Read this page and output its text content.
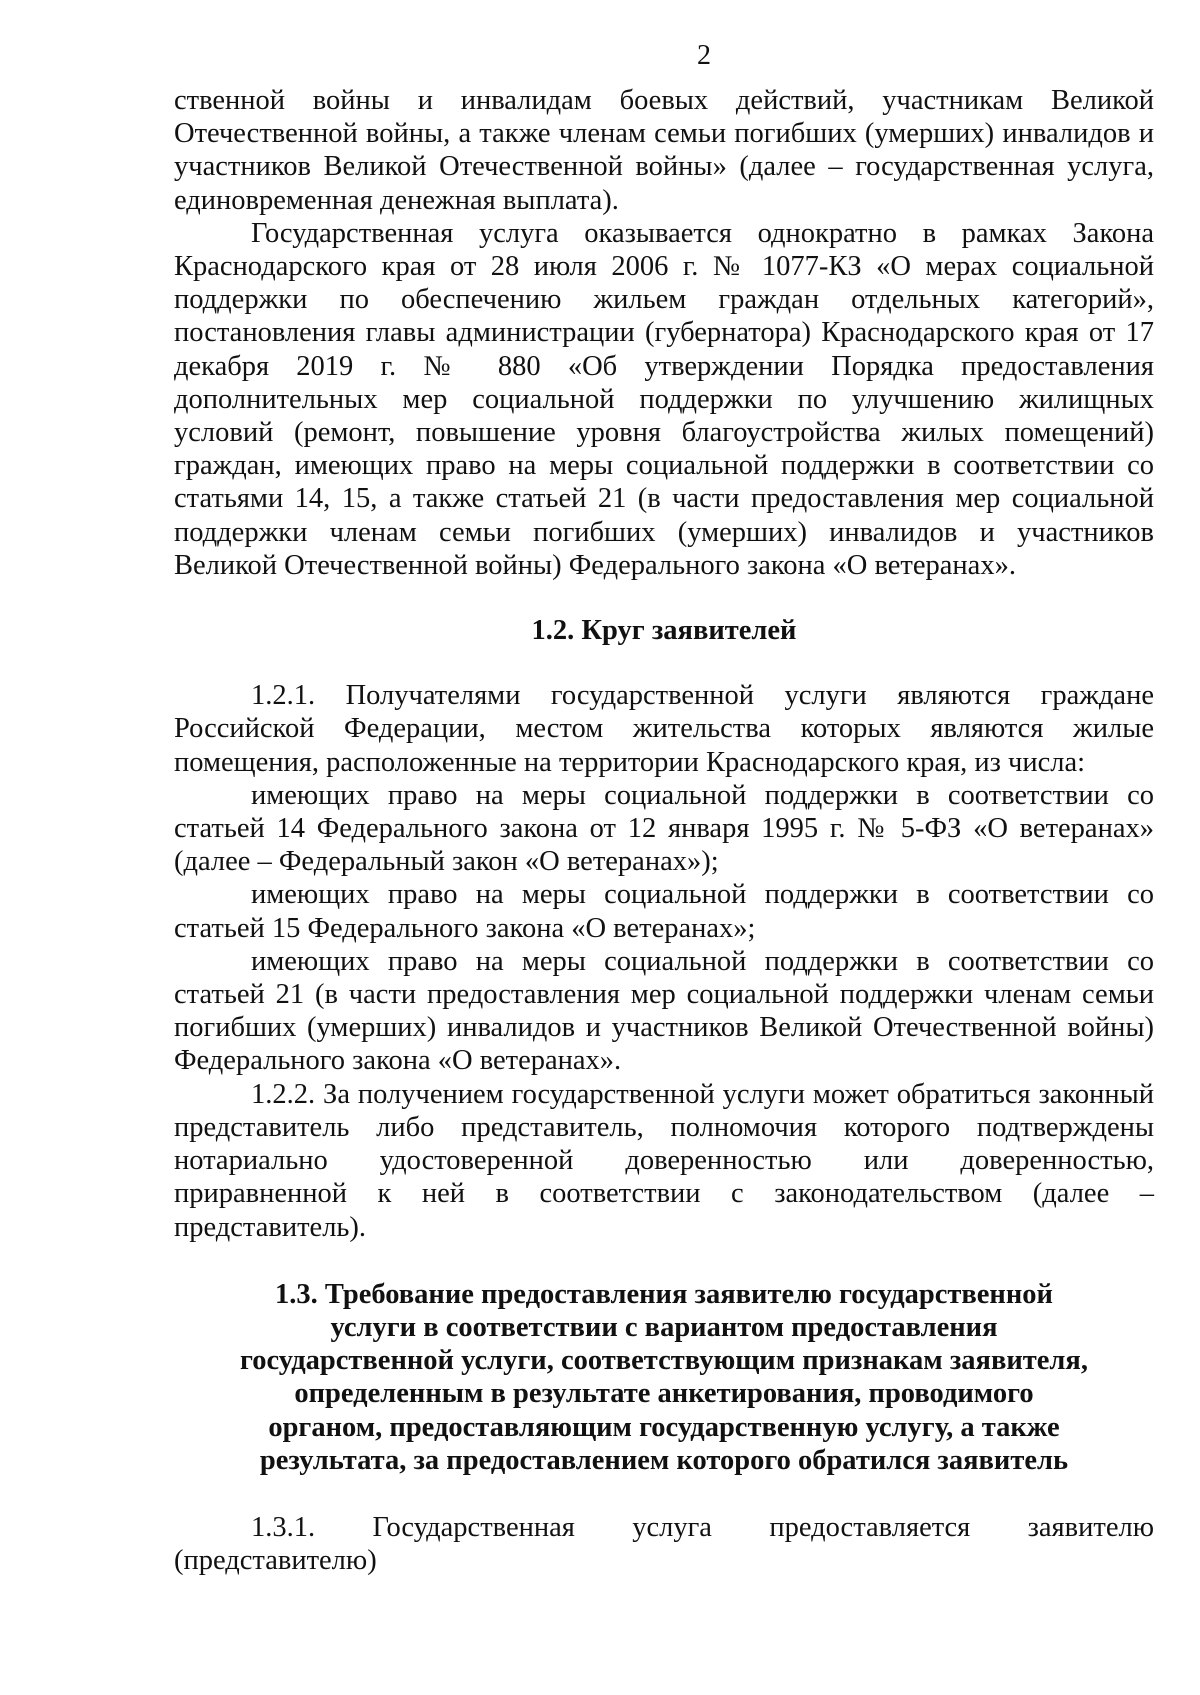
2

ственной войны и инвалидам боевых действий, участникам Великой Отечественной войны, а также членам семьи погибших (умерших) инвалидов и участников Великой Отечественной войны» (далее – государственная услуга, единовременная денежная выплата).

Государственная услуга оказывается однократно в рамках Закона Краснодарского края от 28 июля 2006 г. № 1077-КЗ «О мерах социальной поддержки по обеспечению жильем граждан отдельных категорий», постановления главы администрации (губернатора) Краснодарского края от 17 декабря 2019 г. № 880 «Об утверждении Порядка предоставления дополнительных мер социальной поддержки по улучшению жилищных условий (ремонт, повышение уровня благоустройства жилых помещений) граждан, имеющих право на меры социальной поддержки в соответствии со статьями 14, 15, а также статьей 21 (в части предоставления мер социальной поддержки членам семьи погибших (умерших) инвалидов и участников Великой Отечественной войны) Федерального закона «О ветеранах».

1.2. Круг заявителей

1.2.1. Получателями государственной услуги являются граждане Российской Федерации, местом жительства которых являются жилые помещения, расположенные на территории Краснодарского края, из числа:

имеющих право на меры социальной поддержки в соответствии со статьей 14 Федерального закона от 12 января 1995 г. № 5-ФЗ «О ветеранах» (далее – Федеральный закон «О ветеранах»);

имеющих право на меры социальной поддержки в соответствии со статьей 15 Федерального закона «О ветеранах»;

имеющих право на меры социальной поддержки в соответствии со статьей 21 (в части предоставления мер социальной поддержки членам семьи погибших (умерших) инвалидов и участников Великой Отечественной войны) Федерального закона «О ветеранах».

1.2.2. За получением государственной услуги может обратиться законный представитель либо представитель, полномочия которого подтверждены нотариально удостоверенной доверенностью или доверенностью, приравненной к ней в соответствии с законодательством (далее – представитель).

1.3. Требование предоставления заявителю государственной услуги в соответствии с вариантом предоставления государственной услуги, соответствующим признакам заявителя, определенным в результате анкетирования, проводимого органом, предоставляющим государственную услугу, а также результата, за предоставлением которого обратился заявитель

1.3.1. Государственная услуга предоставляется заявителю (представителю)
